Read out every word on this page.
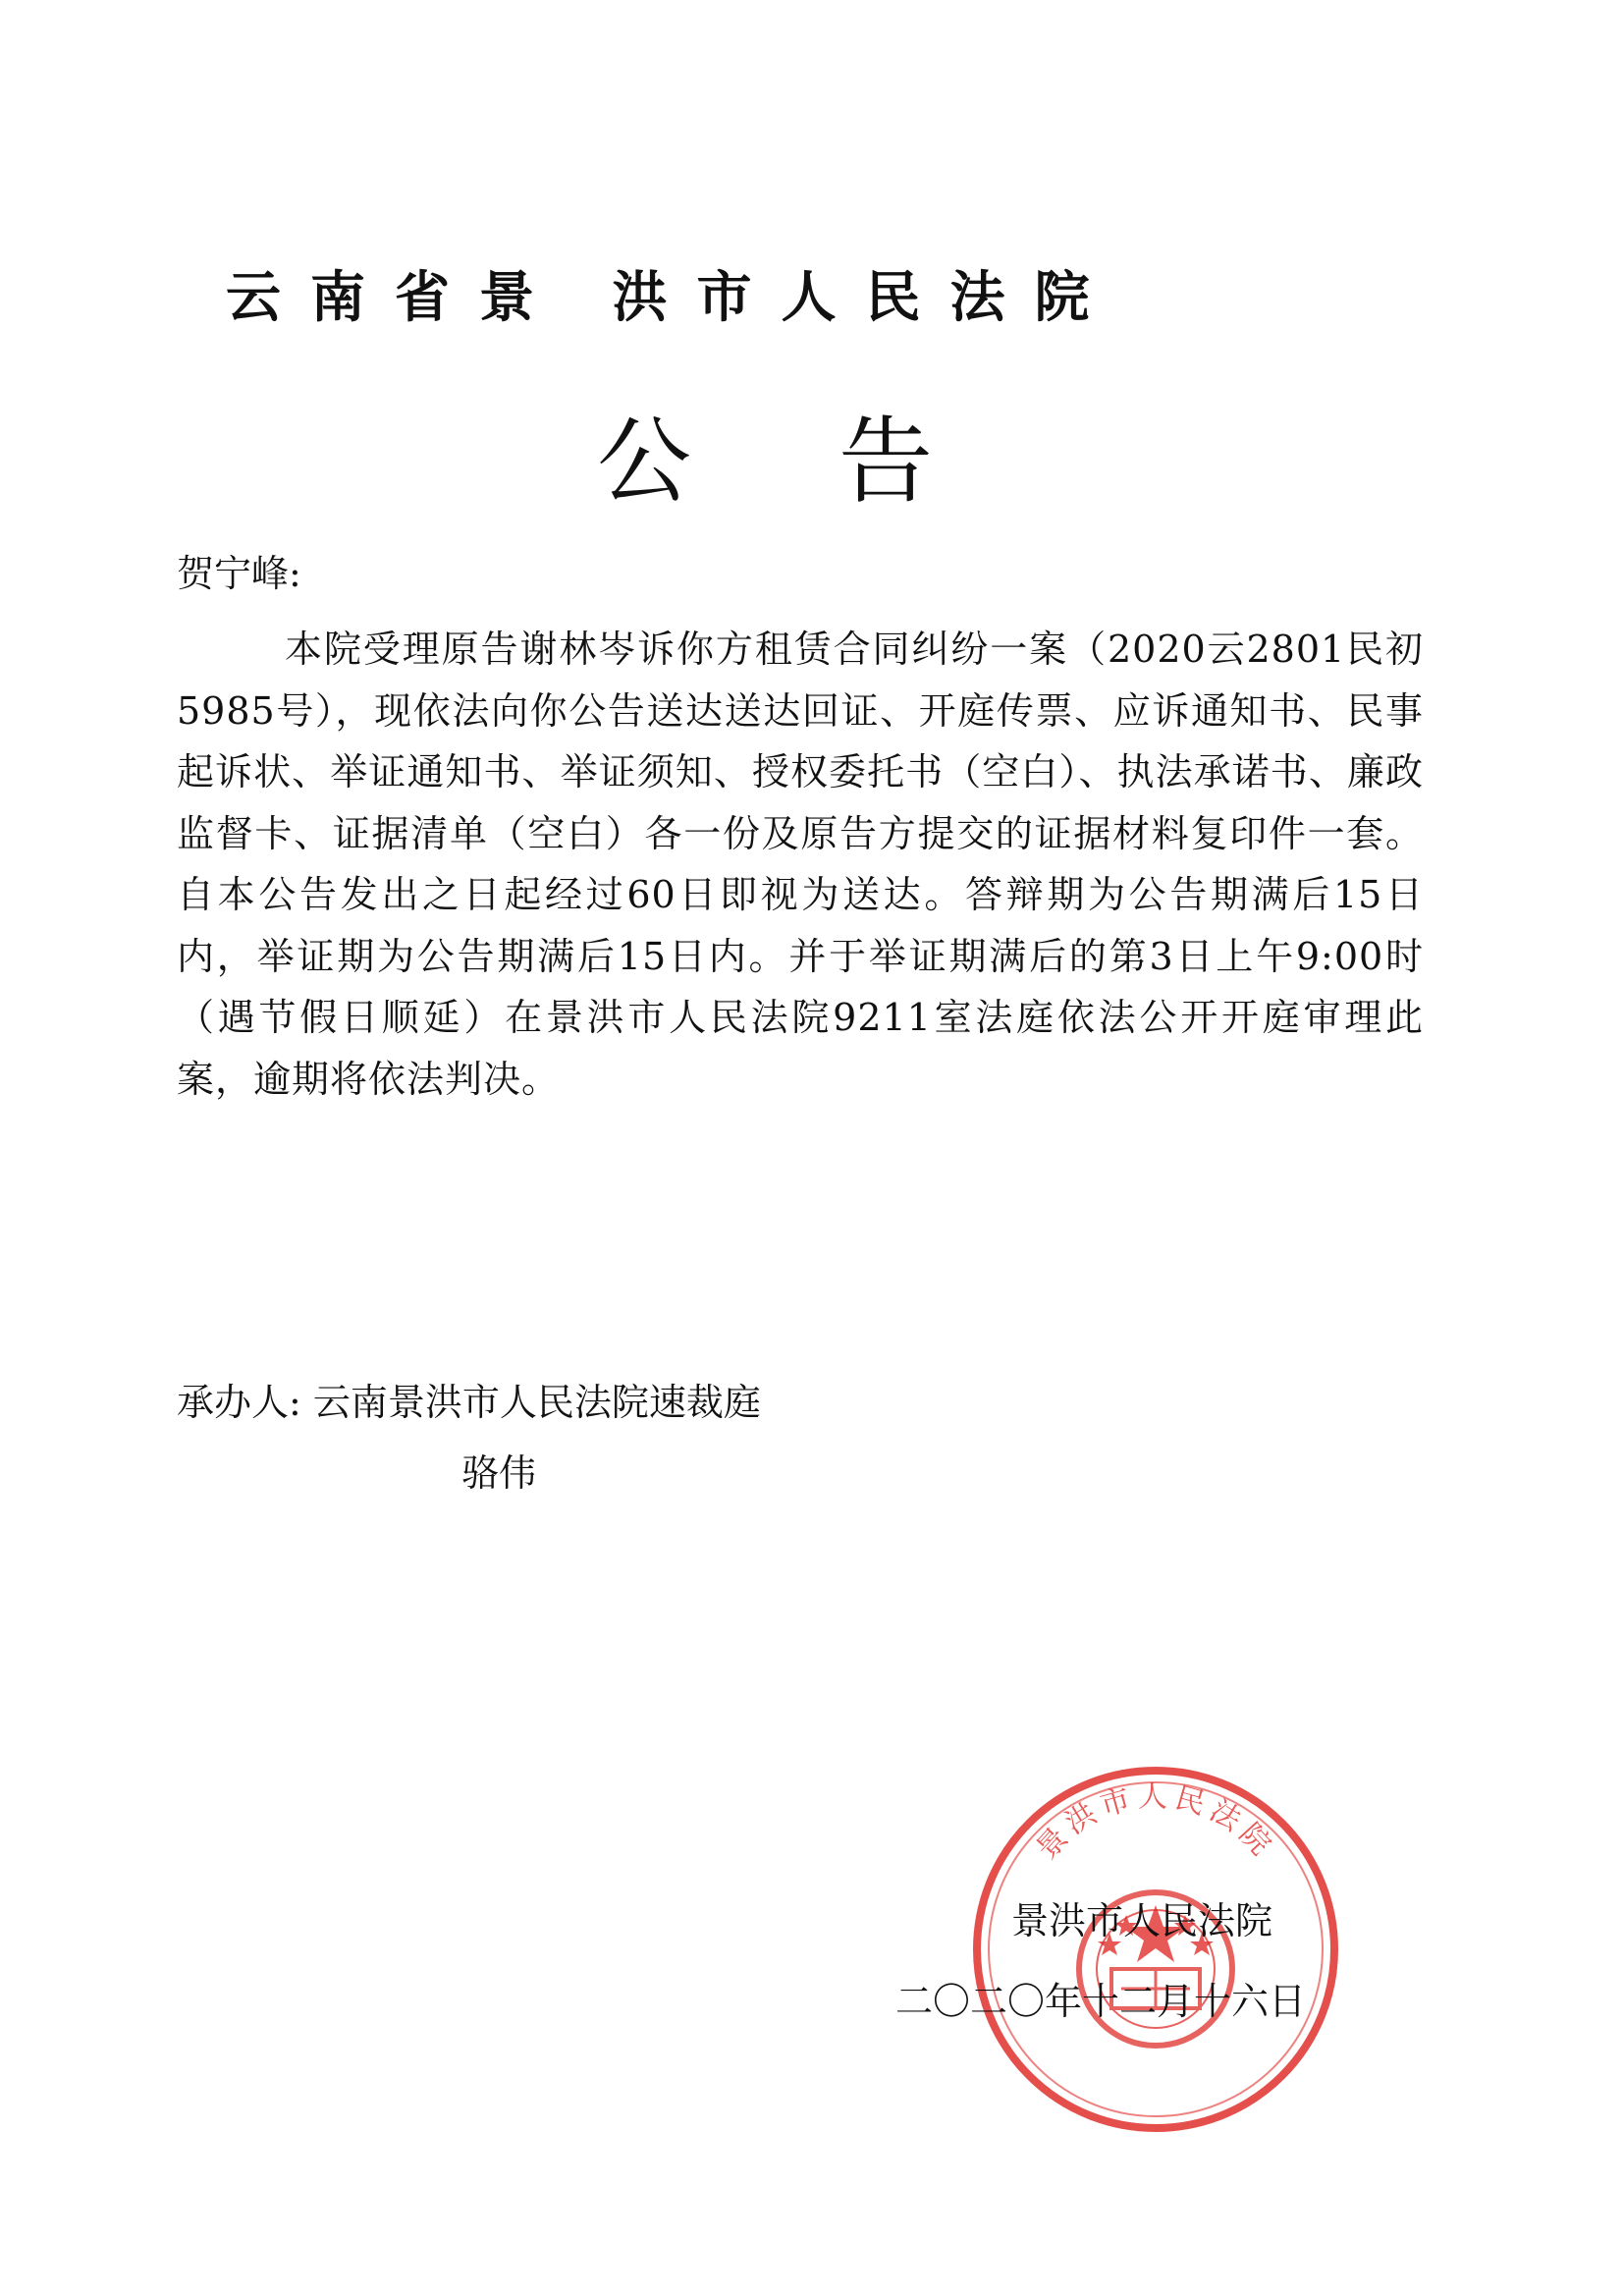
云南省景 洪市人民法院
公告
贺宁峰:
本院受理原告谢林岑诉你方租赁合同纠纷一案（2020云2801民初5985号），现依法向你公告送达送达回证、开庭传票、应诉通知书、民事起诉状、举证通知书、举证须知、授权委托书（空白）、执法承诺书、廉政监督卡、证据清单（空白）各一份及原告方提交的证据材料复印件一套。自本公告发出之日起经过60日即视为送达。答辩期为公告期满后15日内，举证期为公告期满后15日内。并于举证期满后的第3日上午9:00时（遇节假日顺延）在景洪市人民法院9211室法庭依法公开开庭审理此案，逾期将依法判决。
承办人: 云南景洪市人民法院速裁庭
骆伟
景洪市人民法院
景洪市人民法院
二〇二〇年十二月十六日
